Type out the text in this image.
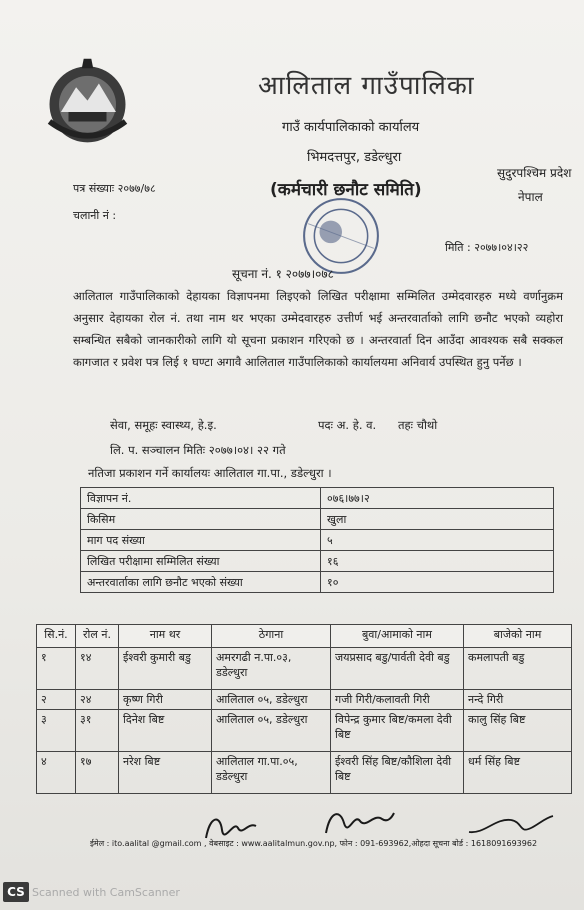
आलिताल गाउँपालिका
गाउँ कार्यपालिकाको कार्यालय
भिमदत्तपुर, डडेल्धुरा
(कर्मचारी छनौट समिति)
सुदुरपश्चिम प्रदेश
नेपाल
पत्र संख्याः २०७७/७८
चलानी नं :
मिति : २०७७।०४।२२
सूचना नं. १ २०७७।०७८
आलिताल गाउँपालिकाको देहायका विज्ञापनमा लिइएको लिखित परीक्षामा सम्मिलित उम्मेदवारहरु मध्ये वर्णानुक्रम अनुसार देहायका रोल नं. तथा नाम थर भएका उम्मेदवारहरु उत्तीर्ण भई अन्तरवार्ताको लागि छनौट भएको व्यहोरा सम्बन्धित सबैको जानकारीको लागि यो सूचना प्रकाशन गरिएको छ । अन्तरवार्ता दिन आउँदा आवश्यक सबै सक्कल कागजात र प्रवेश पत्र लिई १ घण्टा अगावै आलिताल गाउँपालिकाको कार्यालयमा अनिवार्य उपस्थित हुनु पर्नेछ ।
सेवा, समूहः स्वास्थ्य, हे.इ.	पदः अ. हे. व. तहः चौथो
लि. प. सञ्चालन मितिः २०७७।०४। २२ गते
नतिजा प्रकाशन गर्ने कार्यालयः आलिताल गा.पा., डडेल्धुरा ।
विज्ञापन नं.	०७६।७७।२
किसिम	खुला
माग पद संख्या	५
लिखित परीक्षामा सम्मिलित संख्या	१६
अन्तरवार्ताका लागि छनौट भएको संख्या	१०
सि.नं.	रोल नं.	नाम थर	ठेगाना	बुवा/आमाको नाम	बाजेको नाम
१	१४	ईश्वरी कुमारी बडु	अमरगढी न.पा.०३, डडेल्धुरा	जयप्रसाद बडु/पार्वती देवी बडु	कमलापती बडु
२	२४	कृष्ण गिरी	आलिताल ०५, डडेल्धुरा	गजी गिरी/कलावती गिरी	नन्दे गिरी
३	३१	दिनेश बिष्ट	आलिताल ०५, डडेल्धुरा	विपेन्द्र कुमार बिष्ट/कमला देवी बिष्ट	कालु सिंह बिष्ट
४	१७	नरेश बिष्ट	आलिताल गा.पा.०५, डडेल्धुरा	ईश्वरी सिंह बिष्ट/कौशिला देवी बिष्ट	धर्म सिंह बिष्ट
ईमेल : ito.aalital @gmail.com , वेबसाइट : www.aalitalmun.gov.np, फोन : 091-693962,ओहदा सूचना बोर्ड : 1618091693962
CS Scanned with CamScanner
